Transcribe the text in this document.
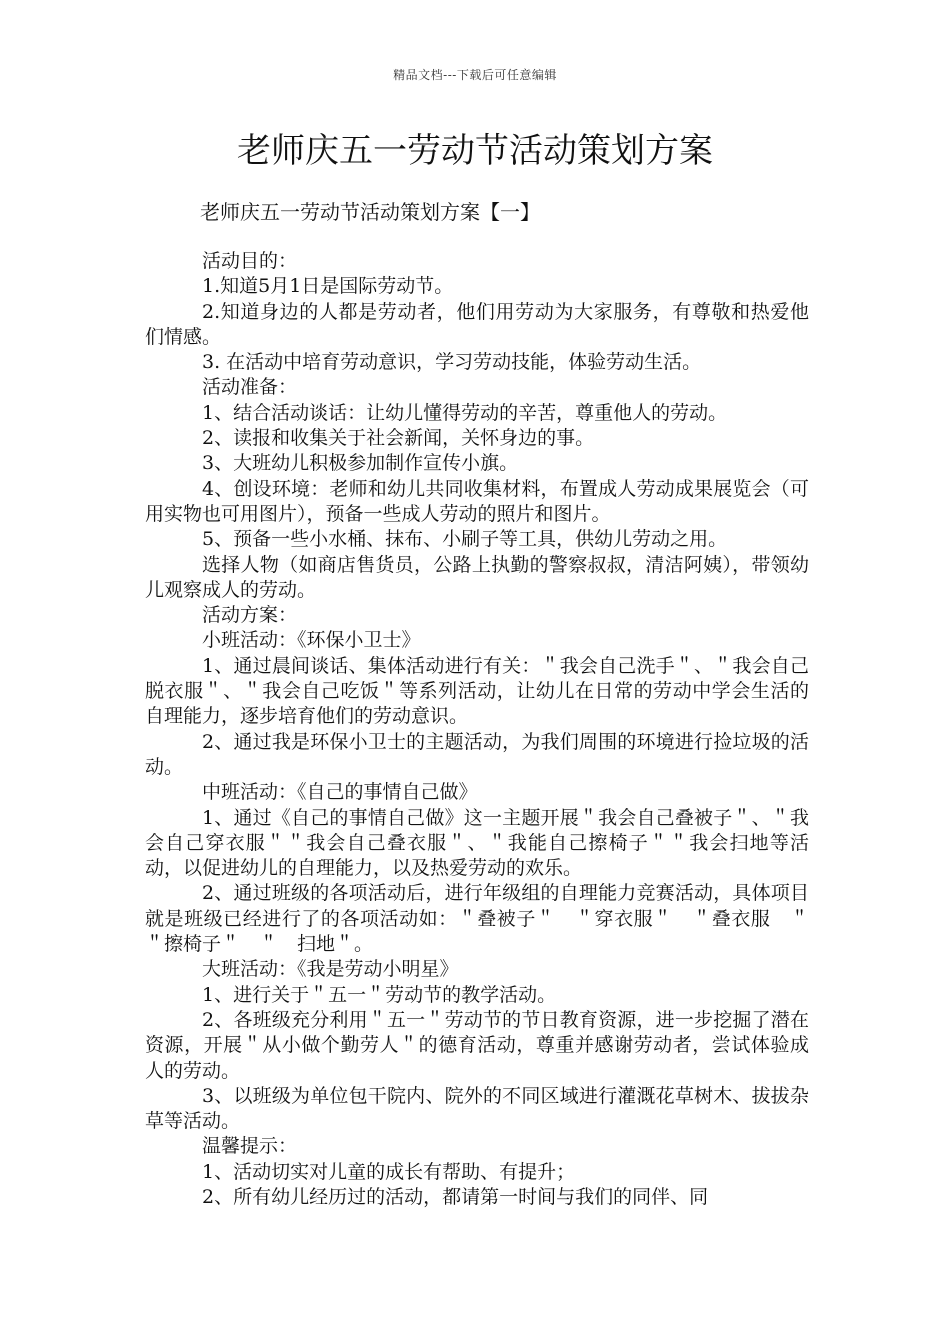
精品文档---下载后可任意编辑
老师庆五一劳动节活动策划方案
老师庆五一劳动节活动策划方案【一】

活动目的：

1.知道5月1日是国际劳动节。

2.知道身边的人都是劳动者，他们用劳动为大家服务，有尊敬和热爱他们情感。

3. 在活动中培育劳动意识，学习劳动技能，体验劳动生活。

活动准备：

1、结合活动谈话：让幼儿懂得劳动的辛苦，尊重他人的劳动。

2、读报和收集关于社会新闻，关怀身边的事。

3、大班幼儿积极参加制作宣传小旗。

4、创设环境：老师和幼儿共同收集材料，布置成人劳动成果展览会（可用实物也可用图片），预备一些成人劳动的照片和图片。

5、预备一些小水桶、抹布、小刷子等工具，供幼儿劳动之用。

选择人物（如商店售货员，公路上执勤的警察叔叔，清洁阿姨），带领幼儿观察成人的劳动。

活动方案：

小班活动：《环保小卫士》

1、通过晨间谈话、集体活动进行有关：＂我会自己洗手＂、＂我会自己脱衣服＂、＂我会自己吃饭＂等系列活动，让幼儿在日常的劳动中学会生活的自理能力，逐步培育他们的劳动意识。

2、通过我是环保小卫士的主题活动，为我们周围的环境进行捡垃圾的活动。

中班活动：《自己的事情自己做》

1、通过《自己的事情自己做》这一主题开展＂我会自己叠被子＂、＂我会自己穿衣服＂＂我会自己叠衣服＂、＂我能自己擦椅子＂＂我会扫地等活动，以促进幼儿的自理能力，以及热爱劳动的欢乐。

2、通过班级的各项活动后，进行年级组的自理能力竞赛活动，具体项目就是班级已经进行了的各项活动如：＂叠被子＂　＂穿衣服＂　＂叠衣服　＂　＂擦椅子＂　＂　扫地＂。

大班活动：《我是劳动小明星》

1、进行关于＂五一＂劳动节的教学活动。

2、各班级充分利用＂五一＂劳动节的节日教育资源，进一步挖掘了潜在资源，开展＂从小做个勤劳人＂的德育活动，尊重并感谢劳动者，尝试体验成人的劳动。

3、以班级为单位包干院内、院外的不同区域进行灌溉花草树木、拔拔杂草等活动。

温馨提示：

1、活动切实对儿童的成长有帮助、有提升；

2、所有幼儿经历过的活动，都请第一时间与我们的同伴、同
